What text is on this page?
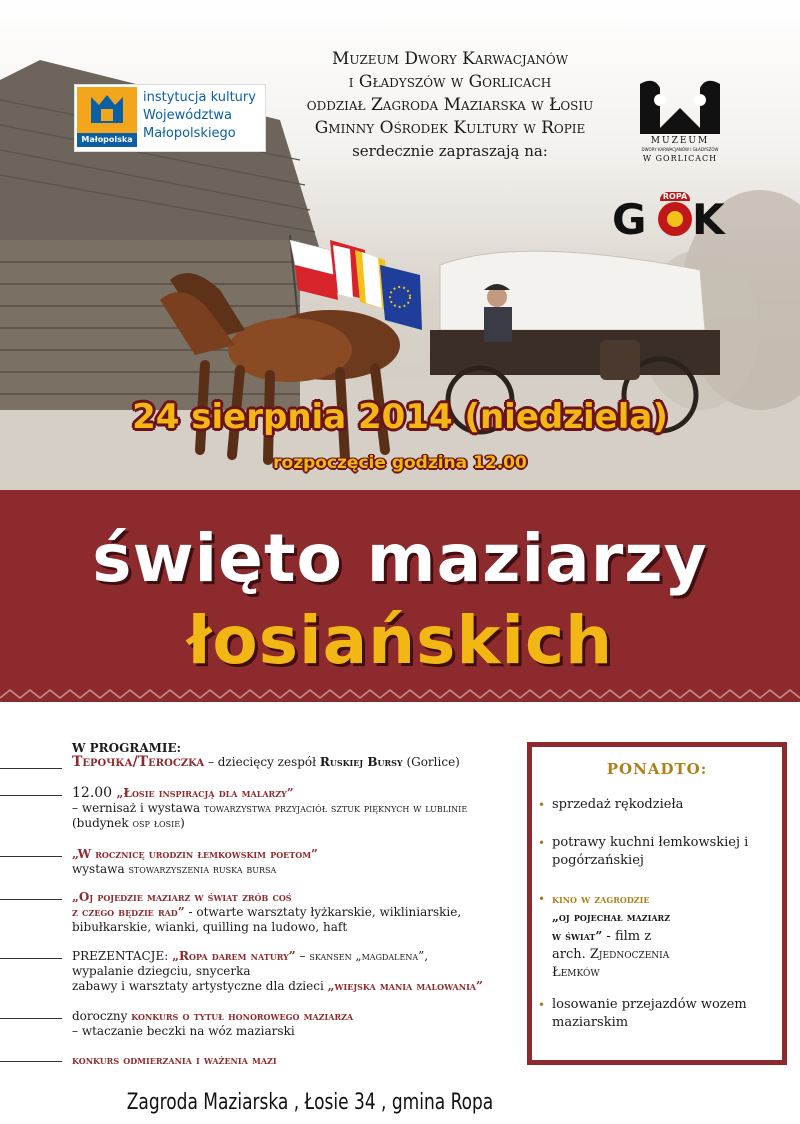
Muzeum Dwory Karwacjanów
i Gładyszów w Gorlicach
oddział Zagroda Maziarska w Łosiu
Gminny Ośrodek Kultury w Ropie
serdecznie zapraszają na:
Małopolska
instytucja kultury
Województwa
Małopolskiego	MUZEUM
DWORY KARWACJANÓW I GŁADYSZÓW
W GORLICACH
ROPA
G K
24 sierpnia 2014 (niedziela)
rozpoczęcie godzina 12.00
święto maziarzy
łosiańskich
W PROGRAMIE:
Терочка/Teroczka – dziecięcy zespół Ruskiej Bursy (Gorlice)
12.00 „Łosie inspiracją dla malarzy”
– wernisaż i wystawa towarzystwa przyjaciół sztuk pięknych w lublinie
(budynek osp łosie)
„W rocznicę urodzin łemkowskim poetom”
wystawa stowarzyszenia ruska bursa
„Oj pojedzie maziarz w świat zrób coś
z czego będzie rad” - otwarte warsztaty łyżkarskie, wikliniarskie,
bibułkarskie, wianki, quilling na ludowo, haft
PREZENTACJE: „Ropa darem natury” – skansen „magdalena”,
wypalanie dziegciu, snycerka
zabawy i warsztaty artystyczne dla dzieci „wiejska mania malowania”
doroczny konkurs o tytuł honorowego maziarza
– wtaczanie beczki na wóz maziarski
konkurs odmierzania i ważenia mazi
PONADTO:
• sprzedaż rękodzieła
• potrawy kuchni łemkowskiej i pogórzańskiej
• kino w zagrodzie
„oj pojechał maziarz w świat” - film z arch. Zjednoczenia Łemków
• losowanie przejazdów wozem maziarskim
Zagroda Maziarska , Łosie 34 , gmina Ropa
